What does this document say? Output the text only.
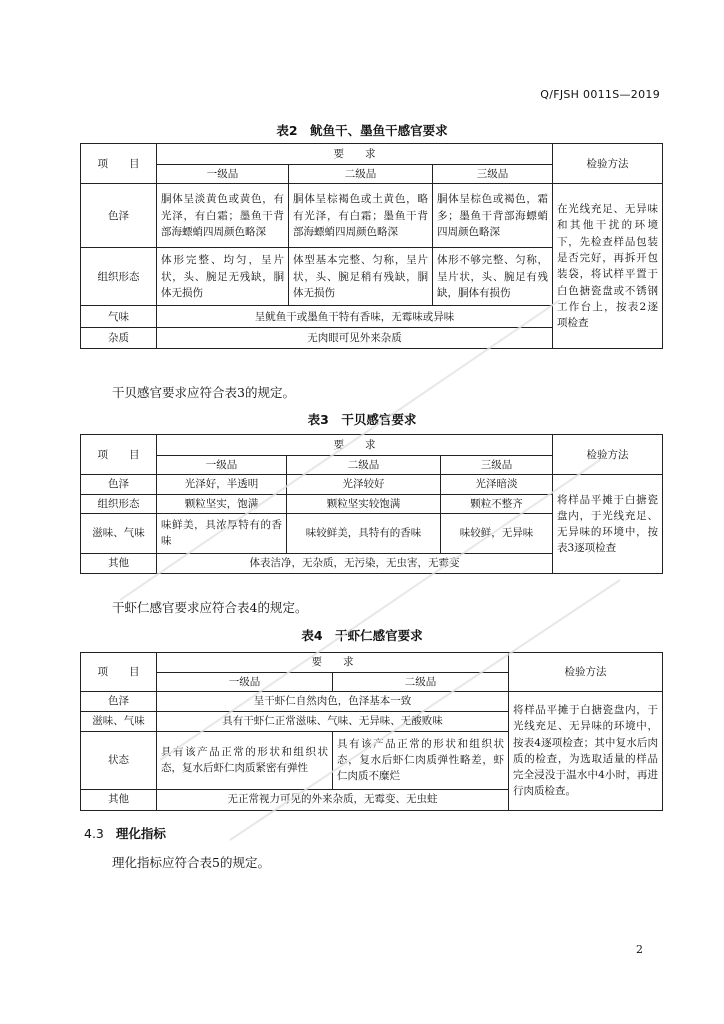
Q/FJSH 0011S—2019
表2　鱿鱼干、墨鱼干感官要求
项　　目	要　　求			检验方法
	一级品	二级品	三级品	
色泽	胴体呈淡黄色或黄色，有光泽，有白霜；墨鱼干背部海螵蛸四周颜色略深	胴体呈棕褐色或土黄色，略有光泽，有白霜；墨鱼干背部海螵蛸四周颜色略深	胴体呈棕色或褐色，霜多；墨鱼干背部海螵蛸四周颜色略深	在光线充足、无异味和其他干扰的环境下，先检查样品包装是否完好，再拆开包装袋，将试样平置于白色搪瓷盘或不锈钢工作台上，按表2逐项检查
组织形态	体形完整、均匀，呈片状，头、腕足无残缺，胴体无损伤	体型基本完整、匀称，呈片状，头、腕足稍有残缺，胴体无损伤	体形不够完整、匀称，呈片状，头、腕足有残缺，胴体有损伤	
气味	呈鱿鱼干或墨鱼干特有香味，无霉味或异味			
杂质	无肉眼可见外来杂质			
干贝感官要求应符合表3的规定。
表3　干贝感官要求
项　　目	要　　求			检验方法
	一级品	二级品	三级品	
色泽	光泽好，半透明	光泽较好	光泽暗淡	将样品平摊于白搪瓷盘内，于光线充足、无异味的环境中，按表3逐项检查
组织形态	颗粒坚实，饱满	颗粒坚实较饱满	颗粒不整齐	
滋味、气味	味鲜美，具浓厚特有的香味	味较鲜美，具特有的香味	味较鲜，无异味	
其他	体表洁净，无杂质，无污染，无虫害，无霉变			
干虾仁感官要求应符合表4的规定。
表4　干虾仁感官要求
项　　目	要　　求		检验方法
	一级品	二级品	
色泽	呈干虾仁自然肉色，色泽基本一致		将样品平摊于白搪瓷盘内，于光线充足、无异味的环境中，按表4逐项检查；其中复水后肉质的检查，为选取适量的样品完全浸没于温水中4小时，再进行肉质检查。
滋味、气味	具有干虾仁正常滋味、气味、无异味、无酸败味		
状态	具有该产品正常的形状和组织状态，复水后虾仁肉质紧密有弹性	具有该产品正常的形状和组织状态，复水后虾仁肉质弹性略差，虾仁肉质不糜烂	
其他	无正常视力可见的外来杂质，无霉变、无虫蛀		
4.3 理化指标
理化指标应符合表5的规定。
2
